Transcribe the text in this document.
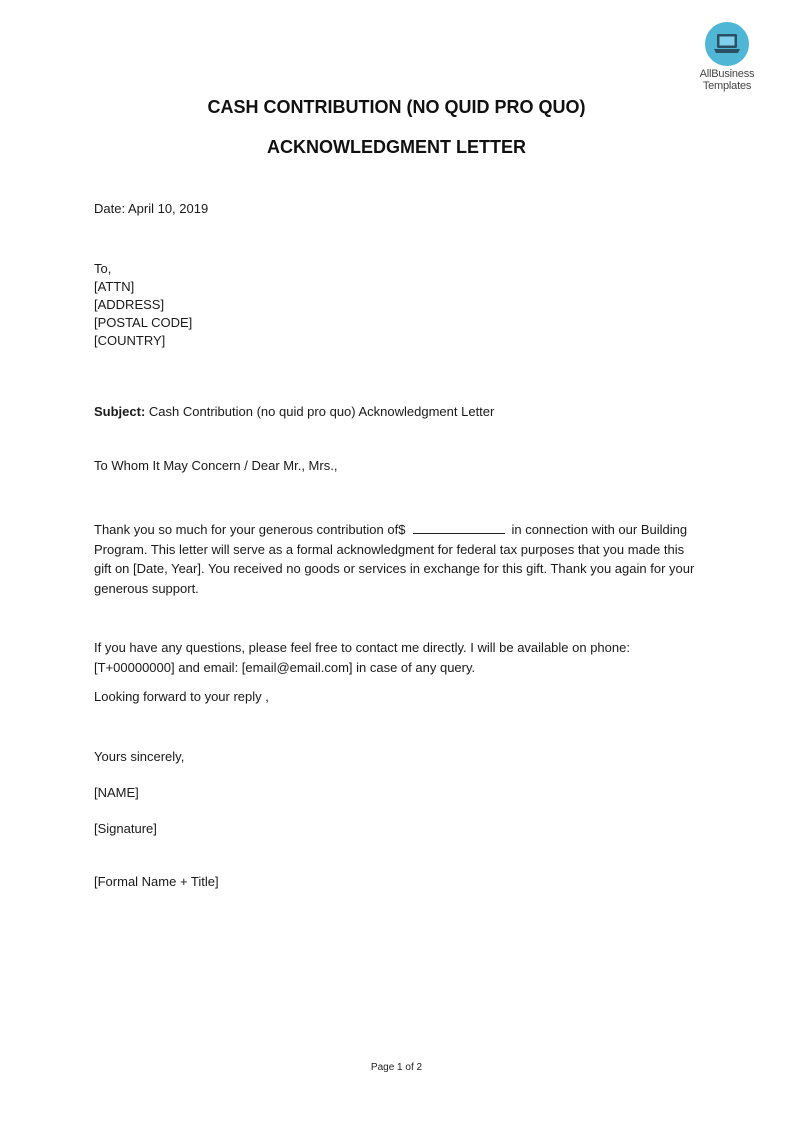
AllBusiness
Templates
CASH CONTRIBUTION (NO QUID PRO QUO)
ACKNOWLEDGMENT LETTER
Date: April 10, 2019
To,
[ATTN]
[ADDRESS]
[POSTAL CODE]
[COUNTRY]
Subject: Cash Contribution (no quid pro quo) Acknowledgment Letter
To Whom It May Concern / Dear Mr., Mrs.,
Thank you so much for your generous contribution of$	in connection with our Building Program. This letter will serve as a formal acknowledgment for federal tax purposes that you made this gift on [Date, Year]. You received no goods or services in exchange for this gift. Thank you again for your generous support.
If you have any questions, please feel free to contact me directly. I will be available on phone: [T+00000000] and email: [email@email.com] in case of any query.
Looking forward to your reply ,
Yours sincerely,
[NAME]
[Signature]
[Formal Name + Title]
Page 1 of 2
